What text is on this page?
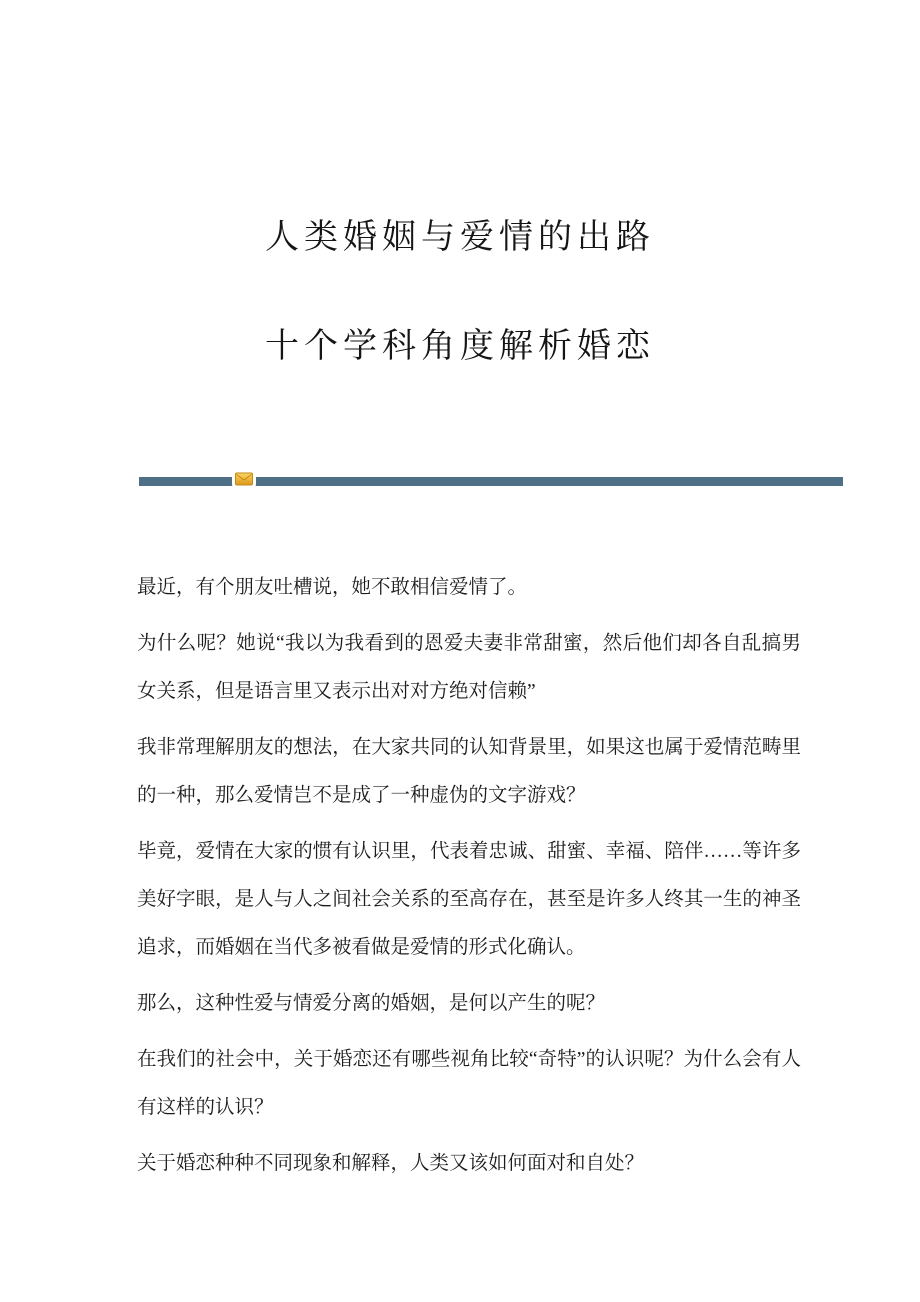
人类婚姻与爱情的出路
十个学科角度解析婚恋

最近，有个朋友吐槽说，她不敢相信爱情了。

为什么呢？她说“我以为我看到的恩爱夫妻非常甜蜜，然后他们却各自乱搞男女关系，但是语言里又表示出对对方绝对信赖”

我非常理解朋友的想法，在大家共同的认知背景里，如果这也属于爱情范畴里的一种，那么爱情岂不是成了一种虚伪的文字游戏？

毕竟，爱情在大家的惯有认识里，代表着忠诚、甜蜜、幸福、陪伴……等许多美好字眼，是人与人之间社会关系的至高存在，甚至是许多人终其一生的神圣追求，而婚姻在当代多被看做是爱情的形式化确认。

那么，这种性爱与情爱分离的婚姻，是何以产生的呢？

在我们的社会中，关于婚恋还有哪些视角比较“奇特”的认识呢？为什么会有人有这样的认识？

关于婚恋种种不同现象和解释，人类又该如何面对和自处？
